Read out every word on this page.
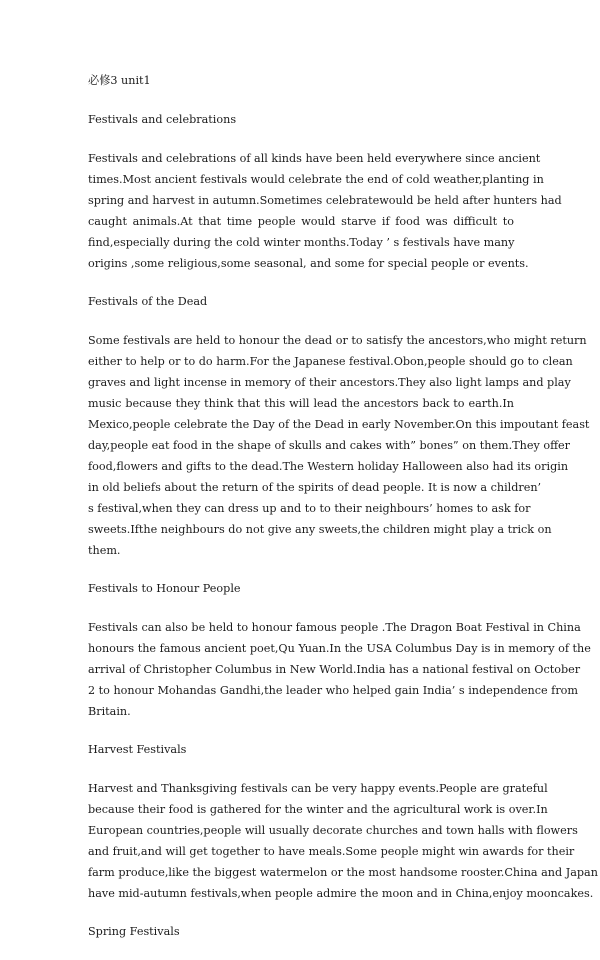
必修3 unit1
Festivals and celebrations
Festivals and celebrations of all kinds have been held everywhere since ancient
times.Most ancient festivals would celebrate the end of cold weather,planting in
spring and harvest in autumn.Sometimes celebratewould be held after hunters had
caught animals.At that time people would starve if food was difficult to
find,especially during the cold winter months.Today ’ s festivals have many
origins ,some religious,some seasonal, and some for special people or events.
Festivals of the Dead
Some festivals are held to honour the dead or to satisfy the ancestors,who might return
either to help or to do harm.For the Japanese festival.Obon,people should go to clean
graves and light incense in memory of their ancestors.They also light lamps and play
music because they think that this will lead the ancestors back to earth.In
Mexico,people celebrate the Day of the Dead in early November.On this impoutant feast
day,people eat food in the shape of skulls and cakes with” bones” on them.They offer
food,flowers and gifts to the dead.The Western holiday Halloween also had its origin
in old beliefs about the return of the spirits of dead people. It is now a children’
s festival,when they can dress up and to to their neighbours’ homes to ask for
sweets.Ifthe neighbours do not give any sweets,the children might play a trick on
them.
Festivals to Honour People
Festivals can also be held to honour famous people .The Dragon Boat Festival in China
honours the famous ancient poet,Qu Yuan.In the USA Columbus Day is in memory of the
arrival of Christopher Columbus in New World.India has a national festival on October
2 to honour Mohandas Gandhi,the leader who helped gain India’ s independence from
Britain.
Harvest Festivals
Harvest and Thanksgiving festivals can be very happy events.People are grateful
because their food is gathered for the winter and the agricultural work is over.In
European countries,people will usually decorate churches and town halls with flowers
and fruit,and will get together to have meals.Some people might win awards for their
farm produce,like the biggest watermelon or the most handsome rooster.China and Japan
have mid-autumn festivals,when people admire the moon and in China,enjoy mooncakes.
Spring Festivals
